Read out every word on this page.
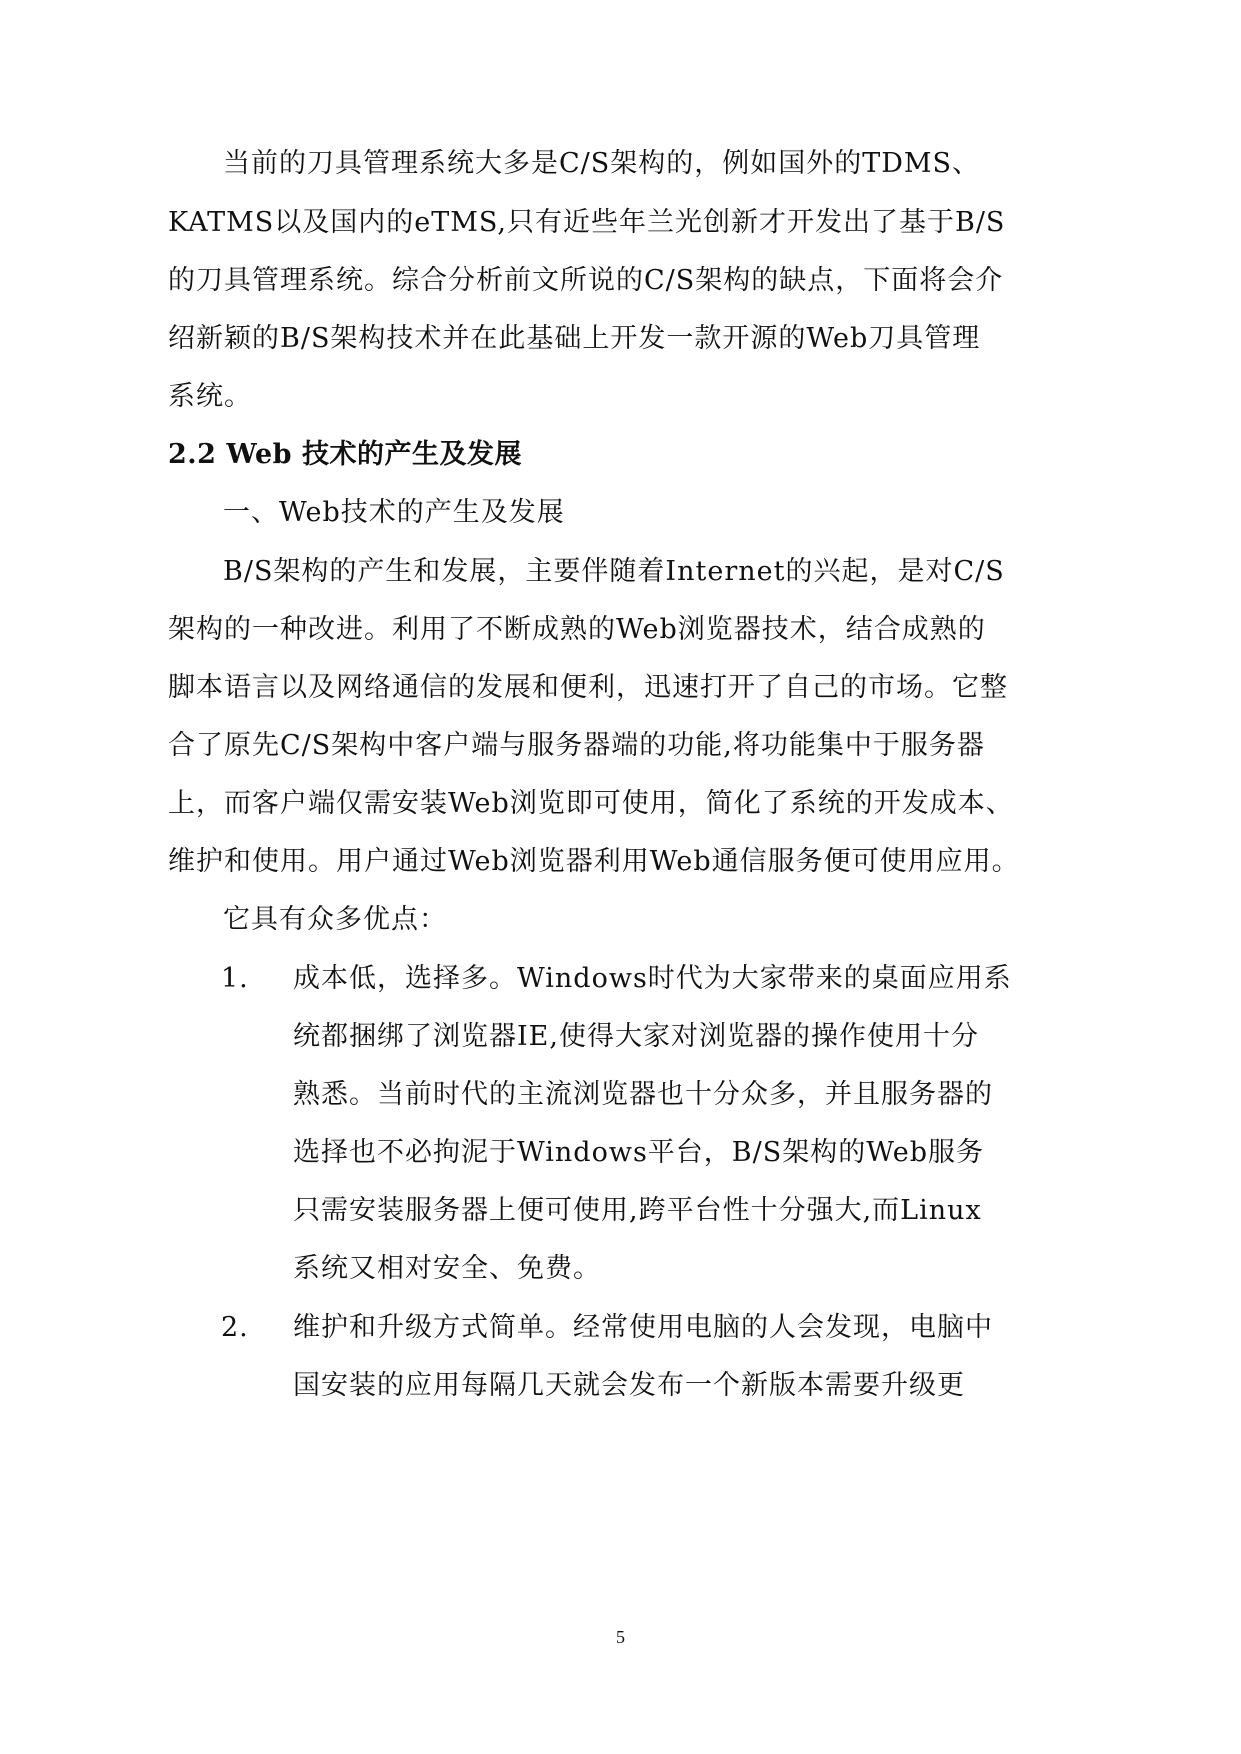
当前的刀具管理系统大多是C/S架构的，例如国外的TDMS、
KATMS以及国内的eTMS,只有近些年兰光创新才开发出了基于B/S
的刀具管理系统。综合分析前文所说的C/S架构的缺点，下面将会介
绍新颖的B/S架构技术并在此基础上开发一款开源的Web刀具管理
系统。
2.2 Web 技术的产生及发展
一、Web技术的产生及发展
B/S架构的产生和发展，主要伴随着Internet的兴起，是对C/S
架构的一种改进。利用了不断成熟的Web浏览器技术，结合成熟的
脚本语言以及网络通信的发展和便利，迅速打开了自己的市场。它整
合了原先C/S架构中客户端与服务器端的功能,将功能集中于服务器
上，而客户端仅需安装Web浏览即可使用，简化了系统的开发成本、
维护和使用。用户通过Web浏览器利用Web通信服务便可使用应用。
它具有众多优点：
1. 成本低，选择多。Windows时代为大家带来的桌面应用系
统都捆绑了浏览器IE,使得大家对浏览器的操作使用十分
熟悉。当前时代的主流浏览器也十分众多，并且服务器的
选择也不必拘泥于Windows平台，B/S架构的Web服务
只需安装服务器上便可使用,跨平台性十分强大,而Linux
系统又相对安全、免费。
2. 维护和升级方式简单。经常使用电脑的人会发现，电脑中
国安装的应用每隔几天就会发布一个新版本需要升级更
5
